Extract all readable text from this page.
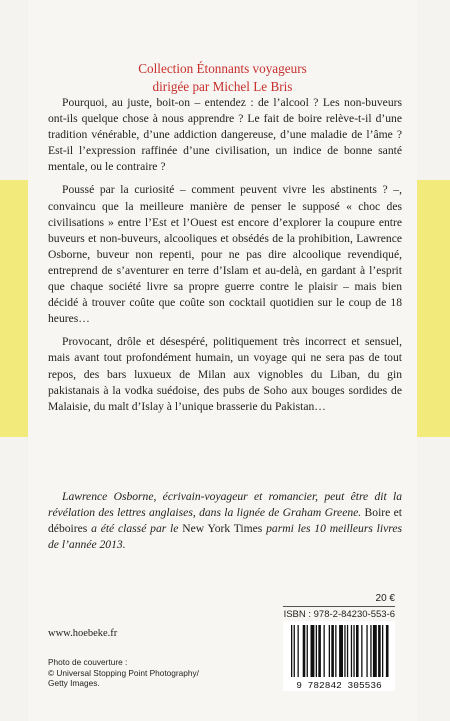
Collection Étonnants voyageurs
dirigée par Michel Le Bris

Pourquoi, au juste, boit-on – entendez : de l’alcool ? Les non-buveurs ont-ils quelque chose à nous apprendre ? Le fait de boire relève-t-il d’une tradition vénérable, d’une addiction dangereuse, d’une maladie de l’âme ? Est-il l’expression raffinée d’une civilisation, un indice de bonne santé mentale, ou le contraire ?

Poussé par la curiosité – comment peuvent vivre les abstinents ? –, convaincu que la meilleure manière de penser le supposé « choc des civilisations » entre l’Est et l’Ouest est encore d’explorer la coupure entre buveurs et non-buveurs, alcooliques et obsédés de la prohibition, Lawrence Osborne, buveur non repenti, pour ne pas dire alcoolique revendiqué, entreprend de s’aventurer en terre d’Islam et au-delà, en gardant à l’esprit que chaque société livre sa propre guerre contre le plaisir – mais bien décidé à trouver coûte que coûte son cocktail quotidien sur le coup de 18 heures…

Provocant, drôle et désespéré, politiquement très incorrect et sensuel, mais avant tout profondément humain, un voyage qui ne sera pas de tout repos, des bars luxueux de Milan aux vignobles du Liban, du gin pakistanais à la vodka suédoise, des pubs de Soho aux bouges sordides de Malaisie, du malt d’Islay à l’unique brasserie du Pakistan…

Lawrence Osborne, écrivain-voyageur et romancier, peut être dit la révélation des lettres anglaises, dans la lignée de Graham Greene. Boire et déboires a été classé par le New York Times parmi les 10 meilleurs livres de l’année 2013.

20 €
ISBN : 978-2-84230-553-6
www.hoebeke.fr
9 782842 305536
Photo de couverture :
© Universal Stopping Point Photography/
Getty Images.
